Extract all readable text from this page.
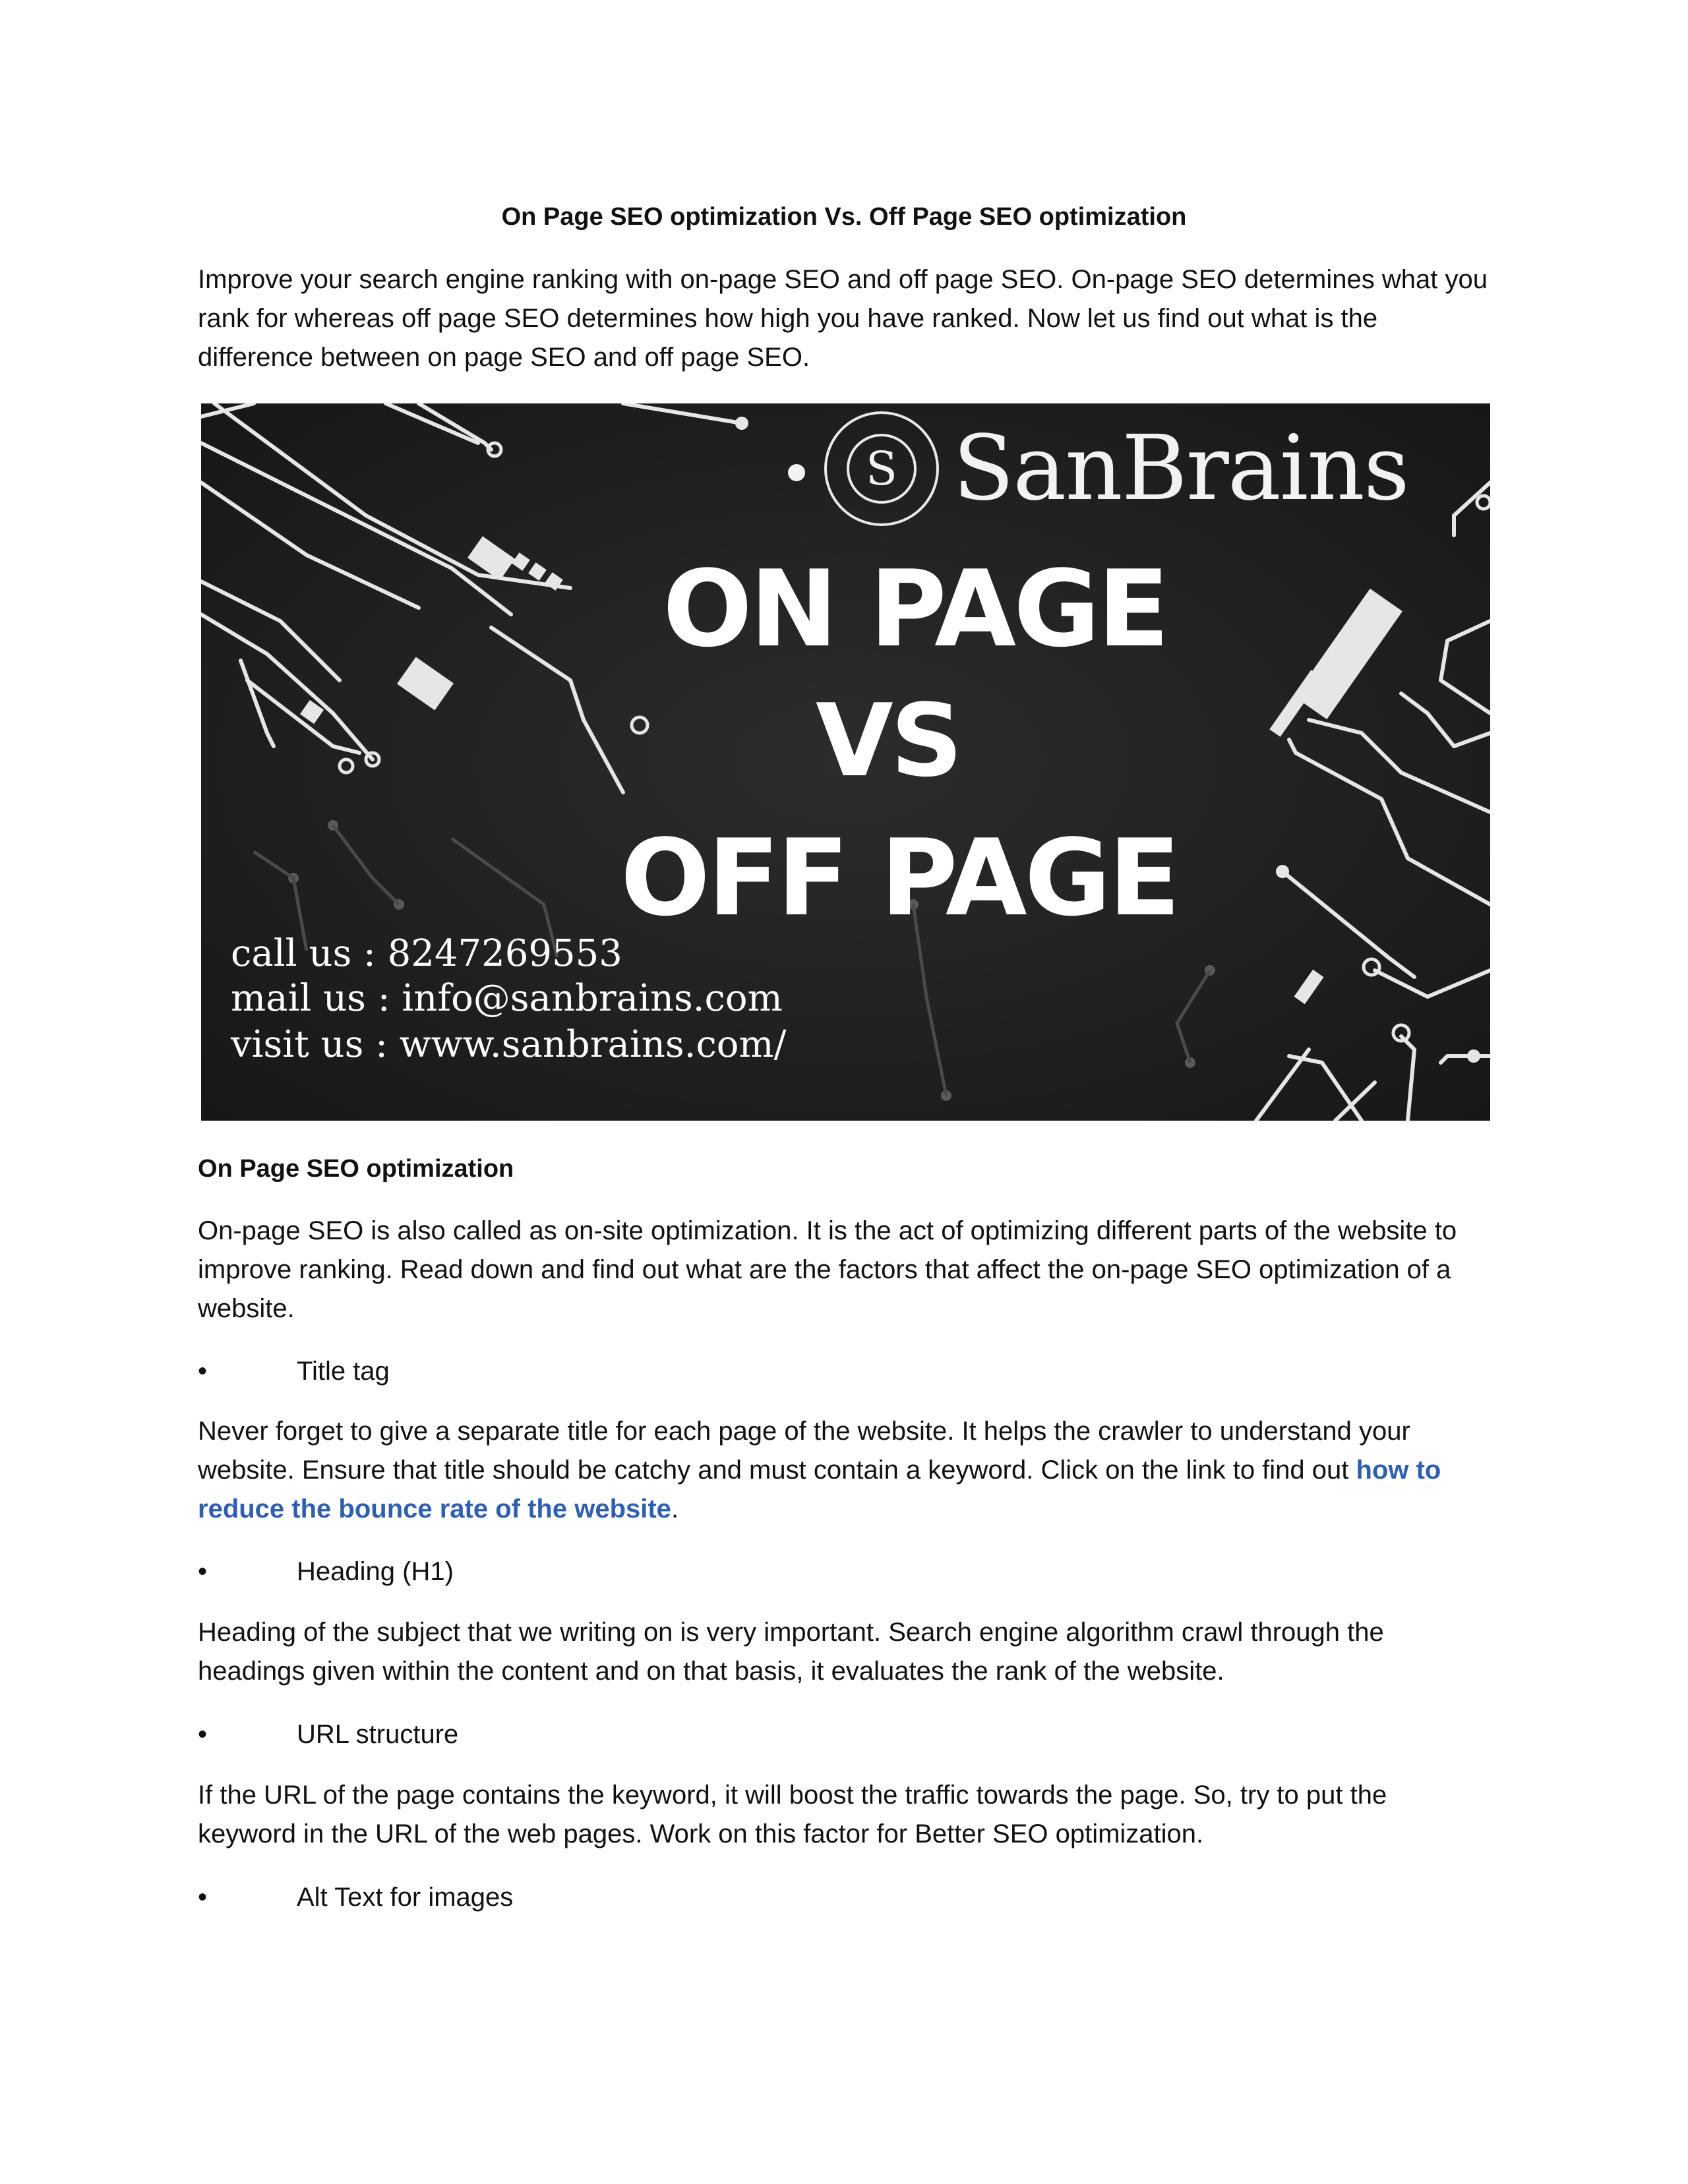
On Page SEO optimization Vs. Off Page SEO optimization

Improve your search engine ranking with on-page SEO and off page SEO. On-page SEO determines what you rank for whereas off page SEO determines how high you have ranked. Now let us find out what is the difference between on page SEO and off page SEO.

S SanBrains
ON PAGE
VS
OFF PAGE
call us : 8247269553
mail us : info@sanbrains.com
visit us : www.sanbrains.com/
On Page SEO optimization

On-page SEO is also called as on-site optimization. It is the act of optimizing different parts of the website to improve ranking. Read down and find out what are the factors that affect the on-page SEO optimization of a website.

•	Title tag

Never forget to give a separate title for each page of the website. It helps the crawler to understand your website. Ensure that title should be catchy and must contain a keyword. Click on the link to find out how to reduce the bounce rate of the website.

•	Heading (H1)

Heading of the subject that we writing on is very important. Search engine algorithm crawl through the headings given within the content and on that basis, it evaluates the rank of the website.

•	URL structure

If the URL of the page contains the keyword, it will boost the traffic towards the page. So, try to put the keyword in the URL of the web pages. Work on this factor for Better SEO optimization.

•	Alt Text for images
